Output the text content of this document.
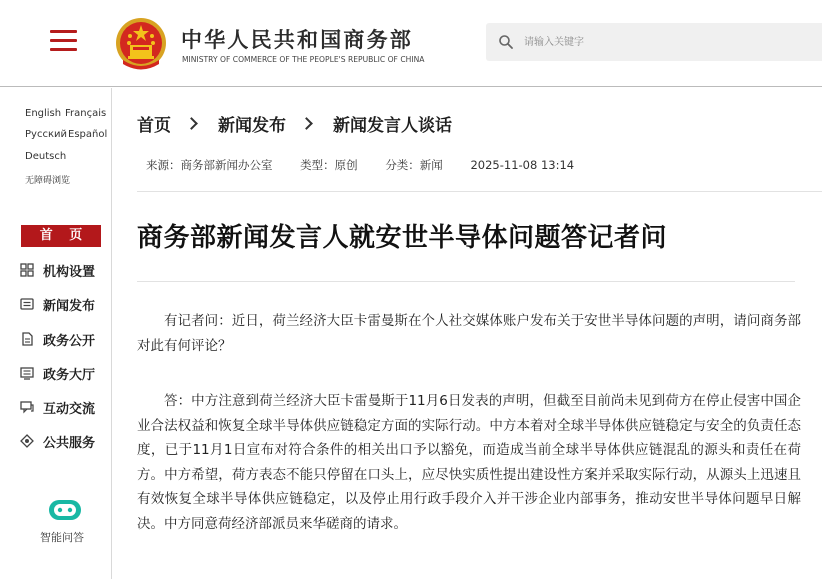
中华人民共和国商务部
MINISTRY OF COMMERCE OF THE PEOPLE'S REPUBLIC OF CHINA
请输入关键字
English Français
Русский Español
Deutsch
无障碍浏览
首 页
机构设置
新闻发布
政务公开
政务大厅
互动交流
公共服务
智能问答
首页	新闻发布	新闻发言人谈话
来源：商务部新闻办公室 类型：原创 分类：新闻 2025-11-08 13:14
商务部新闻发言人就安世半导体问题答记者问

有记者问：近日，荷兰经济大臣卡雷曼斯在个人社交媒体账户发布关于安世半导体问题的声明，请问商务部对此有何评论？

答：中方注意到荷兰经济大臣卡雷曼斯于11月6日发表的声明，但截至目前尚未见到荷方在停止侵害中国企业合法权益和恢复全球半导体供应链稳定方面的实际行动。中方本着对全球半导体供应链稳定与安全的负责任态度，已于11月1日宣布对符合条件的相关出口予以豁免，而造成当前全球半导体供应链混乱的源头和责任在荷方。中方希望，荷方表态不能只停留在口头上，应尽快实质性提出建设性方案并采取实际行动，从源头上迅速且有效恢复全球半导体供应链稳定，以及停止用行政手段介入并干涉企业内部事务，推动安世半导体问题早日解决。中方同意荷经济部派员来华磋商的请求。
